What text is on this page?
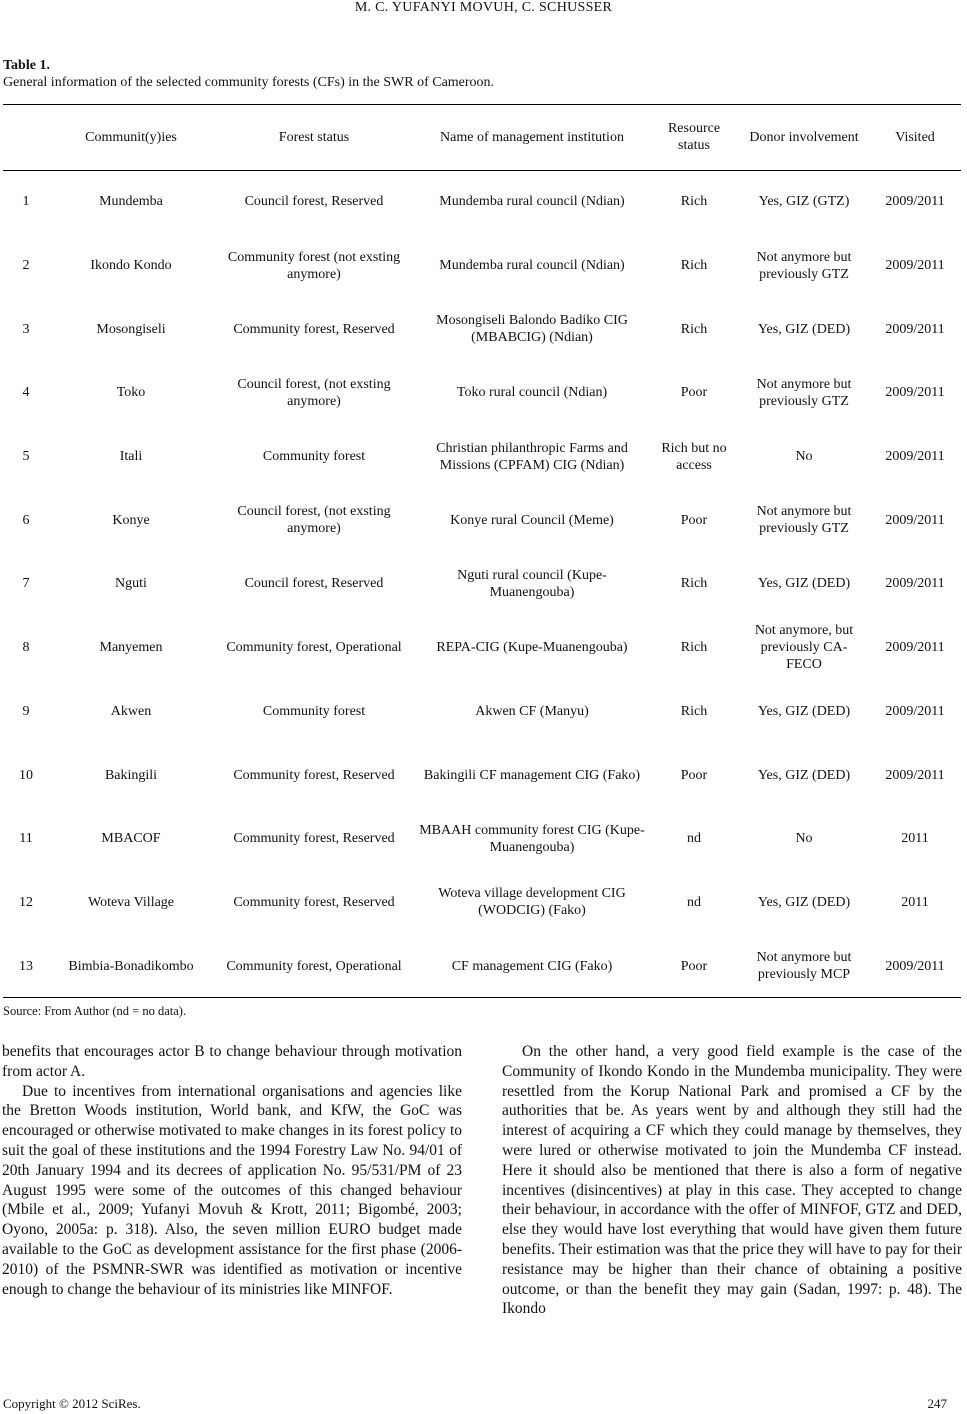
M. C. YUFANYI MOVUH, C. SCHUSSER
Table 1.
General information of the selected community forests (CFs) in the SWR of Cameroon.
	Communit(y)ies	Forest status	Name of management institution	Resource status	Donor involvement	Visited
1	Mundemba	Council forest, Reserved	Mundemba rural council (Ndian)	Rich	Yes, GIZ (GTZ)	2009/2011
2	Ikondo Kondo	Community forest (not exsting anymore)	Mundemba rural council (Ndian)	Rich	Not anymore but previously GTZ	2009/2011
3	Mosongiseli	Community forest, Reserved	Mosongiseli Balondo Badiko CIG (MBABCIG) (Ndian)	Rich	Yes, GIZ (DED)	2009/2011
4	Toko	Council forest, (not exsting anymore)	Toko rural council (Ndian)	Poor	Not anymore but previously GTZ	2009/2011
5	Itali	Community forest	Christian philanthropic Farms and Missions (CPFAM) CIG (Ndian)	Rich but no access	No	2009/2011
6	Konye	Council forest, (not exsting anymore)	Konye rural Council (Meme)	Poor	Not anymore but previously GTZ	2009/2011
7	Nguti	Council forest, Reserved	Nguti rural council (Kupe-Muanengouba)	Rich	Yes, GIZ (DED)	2009/2011
8	Manyemen	Community forest, Operational	REPA-CIG (Kupe-Muanengouba)	Rich	Not anymore, but previously CA-FECO	2009/2011
9	Akwen	Community forest	Akwen CF (Manyu)	Rich	Yes, GIZ (DED)	2009/2011
10	Bakingili	Community forest, Reserved	Bakingili CF management CIG (Fako)	Poor	Yes, GIZ (DED)	2009/2011
11	MBACOF	Community forest, Reserved	MBAAH community forest CIG (Kupe-Muanengouba)	nd	No	2011
12	Woteva Village	Community forest, Reserved	Woteva village development CIG (WODCIG) (Fako)	nd	Yes, GIZ (DED)	2011
13	Bimbia-Bonadikombo	Community forest, Operational	CF management CIG (Fako)	Poor	Not anymore but previously MCP	2009/2011
Source: From Author (nd = no data).

benefits that encourages actor B to change behaviour through motivation from actor A.

Due to incentives from international organisations and agencies like the Bretton Woods institution, World bank, and KfW, the GoC was encouraged or otherwise motivated to make changes in its forest policy to suit the goal of these institutions and the 1994 Forestry Law No. 94/01 of 20th January 1994 and its decrees of application No. 95/531/PM of 23 August 1995 were some of the outcomes of this changed behaviour (Mbile et al., 2009; Yufanyi Movuh & Krott, 2011; Bigombé, 2003; Oyono, 2005a: p. 318). Also, the seven million EURO budget made available to the GoC as development assistance for the first phase (2006-2010) of the PSMNR-SWR was identified as motivation or incentive enough to change the behaviour of its ministries like MINFOF.

On the other hand, a very good field example is the case of the Community of Ikondo Kondo in the Mundemba municipality. They were resettled from the Korup National Park and promised a CF by the authorities that be. As years went by and although they still had the interest of acquiring a CF which they could manage by themselves, they were lured or otherwise motivated to join the Mundemba CF instead. Here it should also be mentioned that there is also a form of negative incentives (disincentives) at play in this case. They accepted to change their behaviour, in accordance with the offer of MINFOF, GTZ and DED, else they would have lost everything that would have given them future benefits. Their estimation was that the price they will have to pay for their resistance may be higher than their chance of obtaining a positive outcome, or than the benefit they may gain (Sadan, 1997: p. 48). The Ikondo

Copyright © 2012 SciRes.	247
